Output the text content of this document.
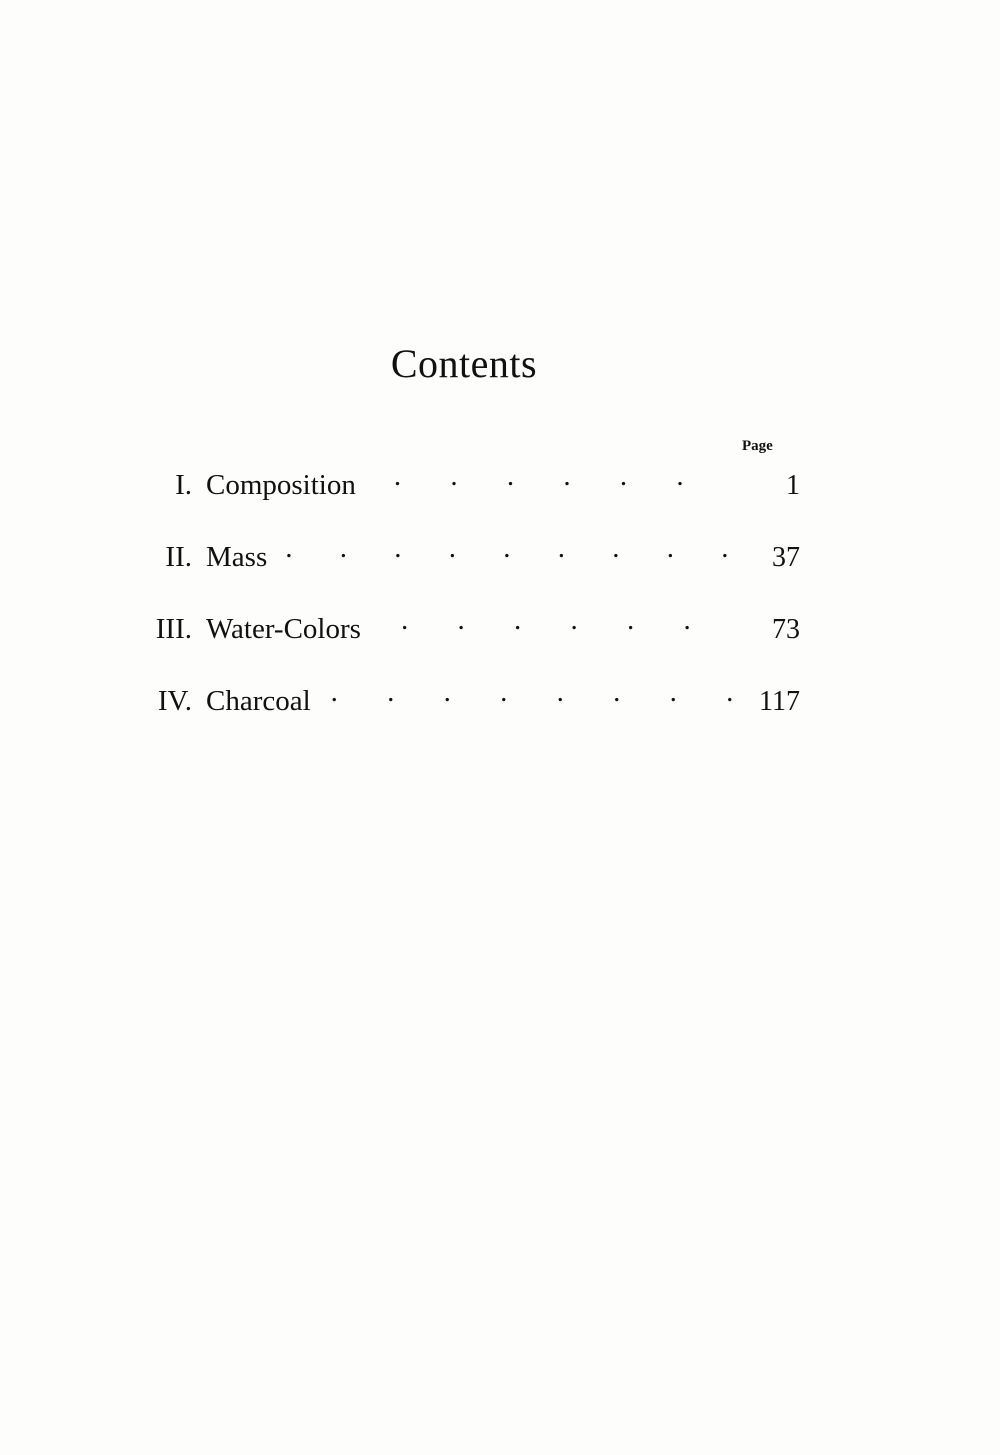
Contents
Page
I. Composition . . .	1
II. Mass . . .	37
III. Water-Colors . . .	73
IV. Charcoal . . .	117
